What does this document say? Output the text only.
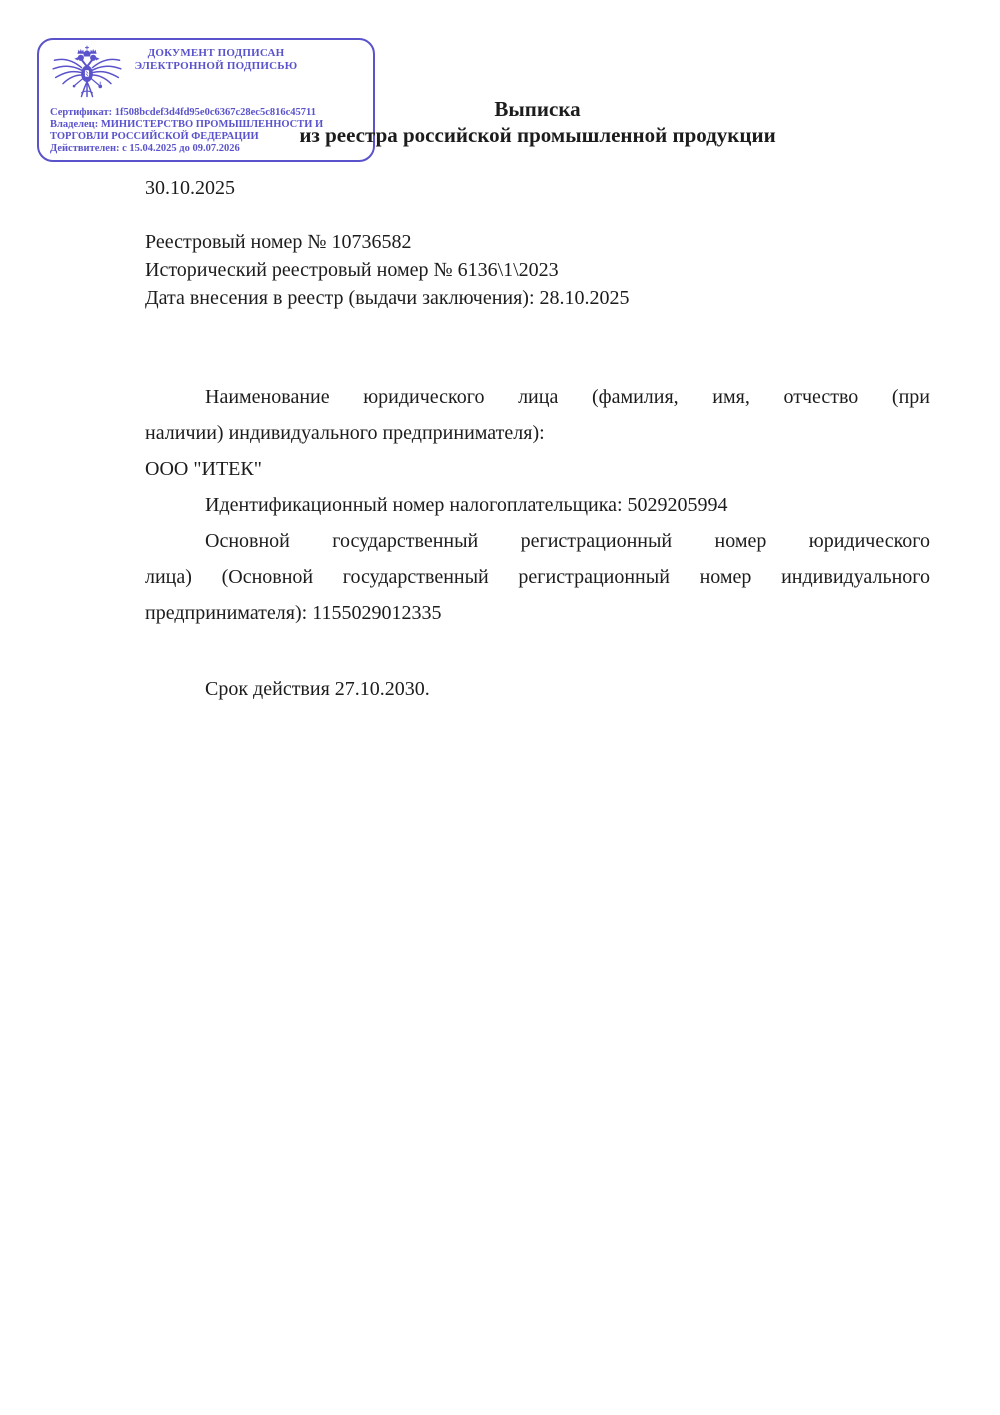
ДОКУМЕНТ ПОДПИСАН
ЭЛЕКТРОННОЙ ПОДПИСЬЮ
Сертификат: 1f508bcdef3d4fd95e0c6367c28ec5c816c45711
Владелец: МИНИСТЕРСТВО ПРОМЫШЛЕННОСТИ И
ТОРГОВЛИ РОССИЙСКОЙ ФЕДЕРАЦИИ
Действителен: с 15.04.2025 до 09.07.2026
Выписка
из реестра российской промышленной продукции
30.10.2025
Реестровый номер № 10736582
Исторический реестровый номер № 6136\1\2023
Дата внесения в реестр (выдачи заключения): 28.10.2025
Наименование юридического лица (фамилия, имя, отчество (при
наличии) индивидуального предпринимателя):
ООО "ИТЕК"
Идентификационный номер налогоплательщика: 5029205994
Основной государственный регистрационный номер юридического
лица) (Основной государственный регистрационный номер индивидуального
предпринимателя): 1155029012335
Срок действия 27.10.2030.
